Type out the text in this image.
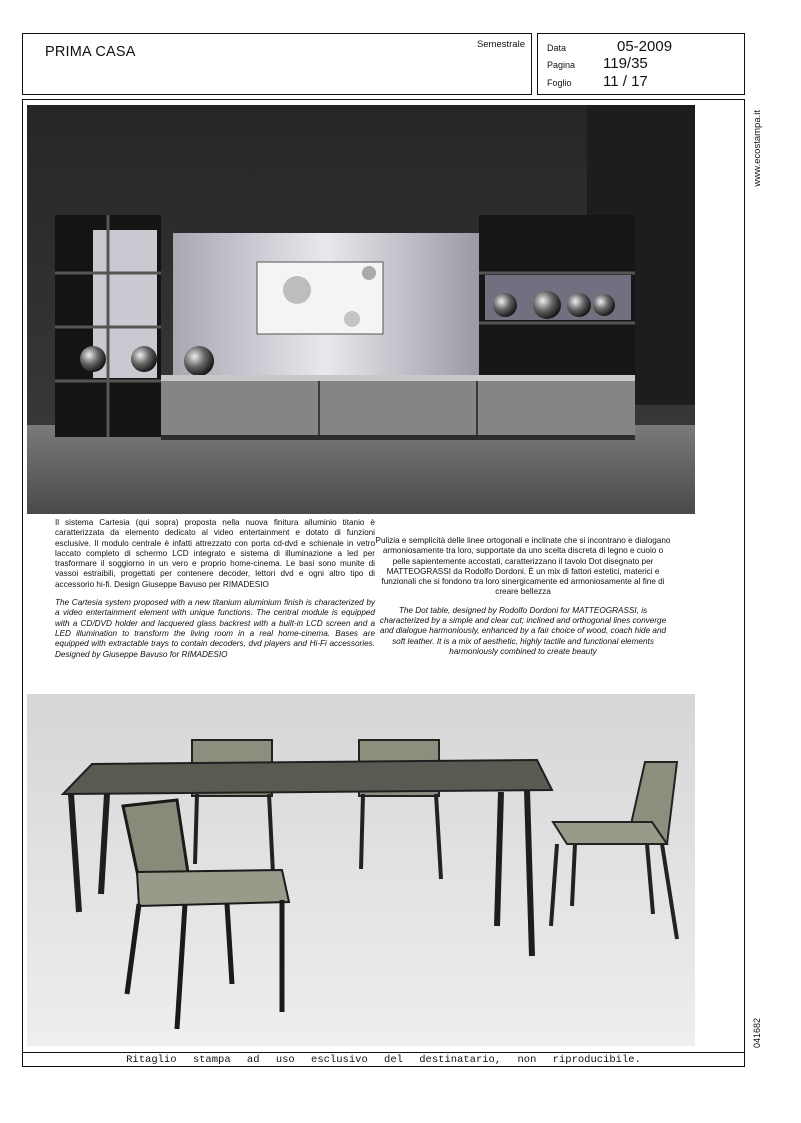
PRIMA CASA	Semestrale Data	05-2009
Pagina 119/35
Foglio 11 / 17
www.ecostampa.it
041682

Il sistema Cartesia (qui sopra) proposta nella nuova finitura alluminio titanio è caratterizzata da elemento dedicato al video entertainment e dotato di funzioni esclusive. Il modulo centrale è infatti attrezzato con porta cd-dvd e schienale in vetro laccato completo di schermo LCD integrato e sistema di illuminazione a led per trasformare il soggiorno in un vero e proprio home-cinema. Le basi sono munite di vassoi estraibili, progettati per contenere decoder, lettori dvd e ogni altro tipo di accessorio hi-fi. Design Giuseppe Bavuso per RIMADESIO

The Cartesia system proposed with a new titanium aluminium finish is characterized by a video entertainment element with unique functions. The central module is equipped with a CD/DVD holder and lacquered glass backrest with a built-in LCD screen and a LED illumination to transform the living room in a real home-cinema. Bases are equipped with extractable trays to contain decoders, dvd players and Hi-Fi accessories. Designed by Giuseppe Bavuso for RIMADESIO

Pulizia e semplicità delle linee ortogonali e inclinate che si incontrano e dialogano armoniosamente tra loro, supportate da uno scelta discreta di legno e cuoio o pelle sapientemente accostati, caratterizzano il tavolo Dot disegnato per MATTEOGRASSI da Rodolfo Dordoni. È un mix di fattori estetici, materici e funzionali che si fondono tra loro sinergicamente ed armoniosamente al fine di creare bellezza

The Dot table, designed by Rodolfo Dordoni for MATTEOGRASSI, is characterized by a simple and clear cut; inclined and orthogonal lines converge and dialogue harmoniously, enhanced by a fair choice of wood, coach hide and soft leather. It is a mix of aesthetic, highly tactile and functional elements harmoniously combined to create beauty

Ritaglio stampa ad uso esclusivo del destinatario, non riproducibile.
